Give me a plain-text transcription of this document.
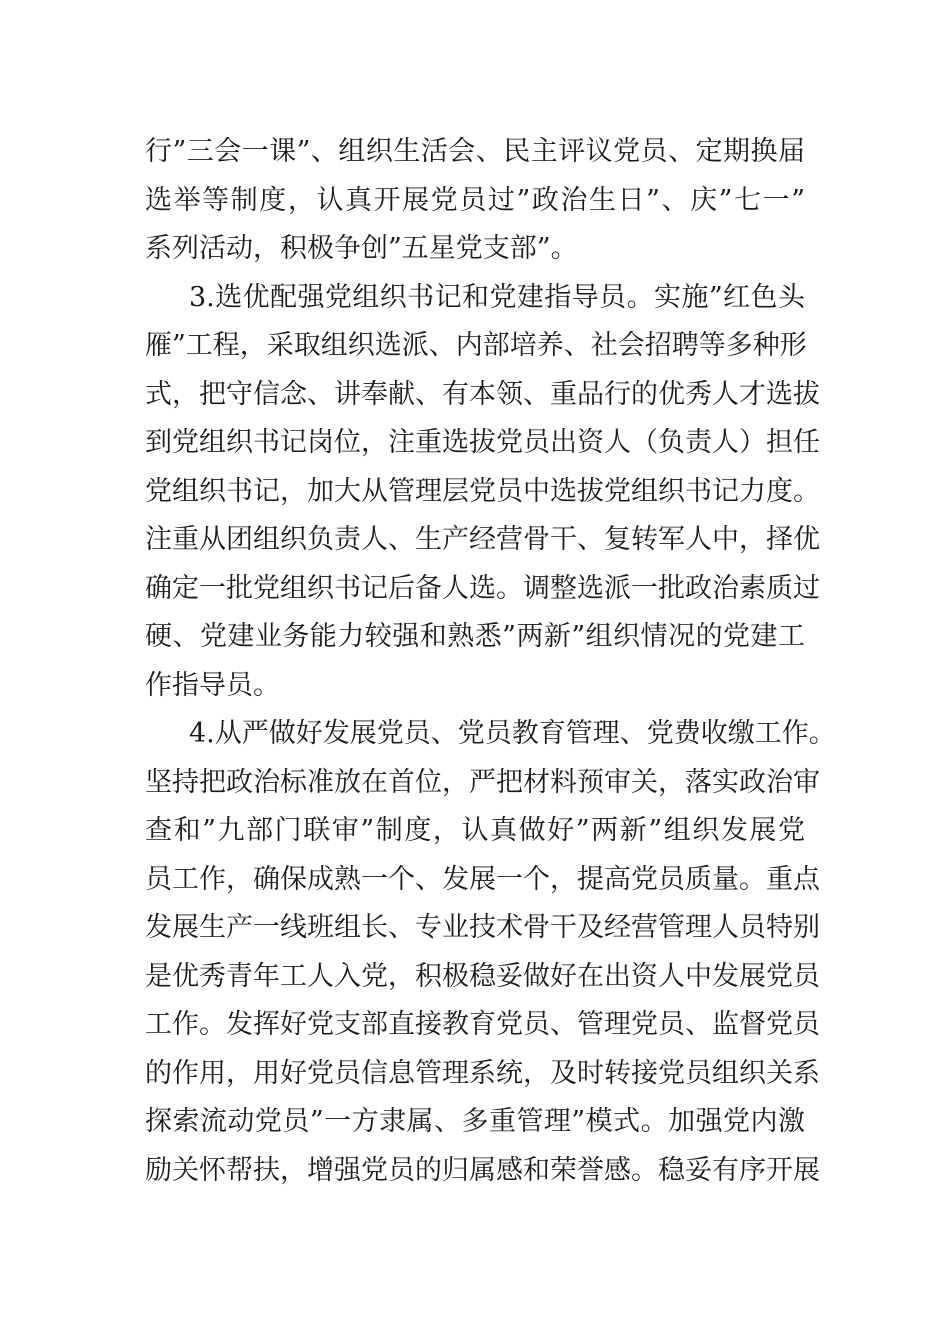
行”三会一课”、组织生活会、民主评议党员、定期换届
选举等制度，认真开展党员过”政治生日”、庆”七一”
系列活动，积极争创”五星党支部”。
3.选优配强党组织书记和党建指导员。实施”红色头
雁”工程，采取组织选派、内部培养、社会招聘等多种形
式，把守信念、讲奉献、有本领、重品行的优秀人才选拔
到党组织书记岗位，注重选拔党员出资人（负责人）担任
党组织书记，加大从管理层党员中选拔党组织书记力度。
注重从团组织负责人、生产经营骨干、复转军人中，择优
确定一批党组织书记后备人选。调整选派一批政治素质过
硬、党建业务能力较强和熟悉”两新”组织情况的党建工
作指导员。
4.从严做好发展党员、党员教育管理、党费收缴工作。
坚持把政治标准放在首位，严把材料预审关，落实政治审
查和”九部门联审”制度，认真做好”两新”组织发展党
员工作，确保成熟一个、发展一个，提高党员质量。重点
发展生产一线班组长、专业技术骨干及经营管理人员特别
是优秀青年工人入党，积极稳妥做好在出资人中发展党员
工作。发挥好党支部直接教育党员、管理党员、监督党员
的作用，用好党员信息管理系统，及时转接党员组织关系
探索流动党员”一方隶属、多重管理”模式。加强党内激
励关怀帮扶，增强党员的归属感和荣誉感。稳妥有序开展
